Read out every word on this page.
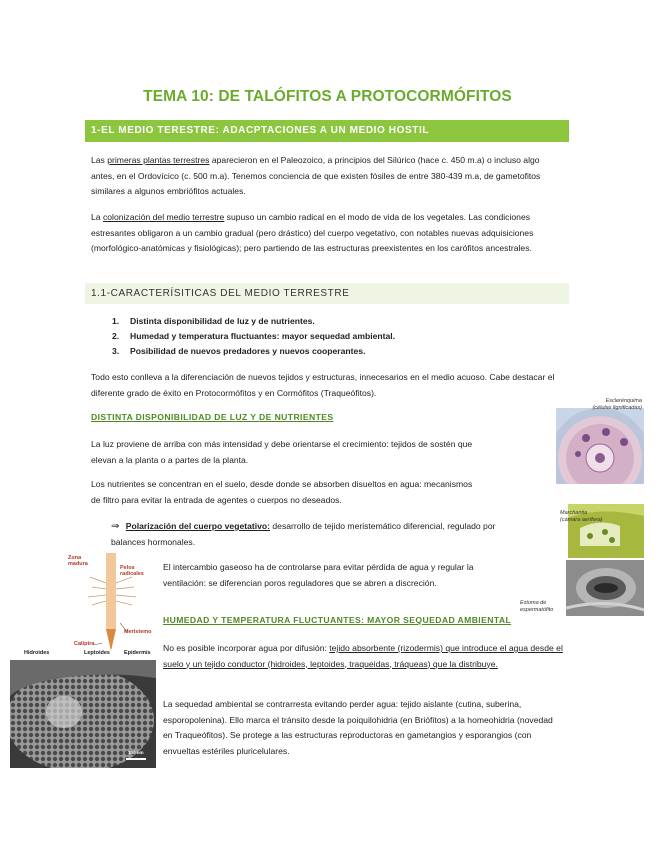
TEMA 10: DE TALÓFITOS A PROTOCORMÓFITOS
1-EL MEDIO TERESTRE: ADACPTACIONES A UN MEDIO HOSTIL
Las primeras plantas terrestres aparecieron en el Paleozoico, a principios del Silúrico (hace c. 450 m.a) o incluso algo antes, en el Ordovícico (c. 500 m.a). Tenemos conciencia de que existen fósiles de entre 380-439 m.a, de gametofitos similares a algunos embriófitos actuales.
La colonización del medio terrestre supuso un cambio radical en el modo de vida de los vegetales. Las condiciones estresantes obligaron a un cambio gradual (pero drástico) del cuerpo vegetativo, con notables nuevas adquisiciones (morfológico-anatómicas y fisiológicas); pero partiendo de las estructuras preexistentes en los carófitos ancestrales.
1.1-CARACTERÍSITICAS DEL MEDIO TERRESTRE
1. Distinta disponibilidad de luz y de nutrientes.
2. Humedad y temperatura fluctuantes: mayor sequedad ambiental.
3. Posibilidad de nuevos predadores y nuevos cooperantes.
Todo esto conlleva a la diferenciación de nuevos tejidos y estructuras, innecesarios en el medio acuoso. Cabe destacar el diferente grado de éxito en Protocormófitos y en Cormófitos (Traqueófitos).
DISTINTA DISPONIBILIDAD DE LUZ Y DE NUTRIENTES
La luz proviene de arriba con más intensidad y debe orientarse el crecimiento: tejidos de sostén que elevan a la planta o a partes de la planta.
Los nutrientes se concentran en el suelo, desde donde se absorben disueltos en agua: mecanismos de filtro para evitar la entrada de agentes o cuerpos no deseados.
⇒ Polarización del cuerpo vegetativo: desarrollo de tejido meristemático diferencial, regulado por balances hormonales.
El intercambio gaseoso ha de controlarse para evitar pérdida de agua y regular la ventilación: se diferencian poros reguladores que se abren a discreción.
HUMEDAD Y TEMPERATURA FLUCTUANTES: MAYOR SEQUEDAD AMBIENTAL
No es posible incorporar agua por difusión: tejido absorbente (rizodermis) que introduce el agua desde el suelo y un tejido conductor (hidroides, leptoides, traqueidas, tráqueas) que la distribuye.
La sequedad ambiental se contrarresta evitando perder agua: tejido aislante (cutina, suberina, esporopolenina). Ello marca el tránsito desde la poiquilohidria (en Briófitos) a la homeohidria (novedad en Traqueófitos). Se protege a las estructuras reproductoras en gametangios y esporangios (con envueltas estériles pluricelulares.
Esclerénquima
(células lignificadas)
Marchantia
(cámara
Estoma de
espermatófito
Zona
madura
Pelos
radicales
Meristemo
Calíptra
Hidroides	Leptoides	Epidermis
100 nm
